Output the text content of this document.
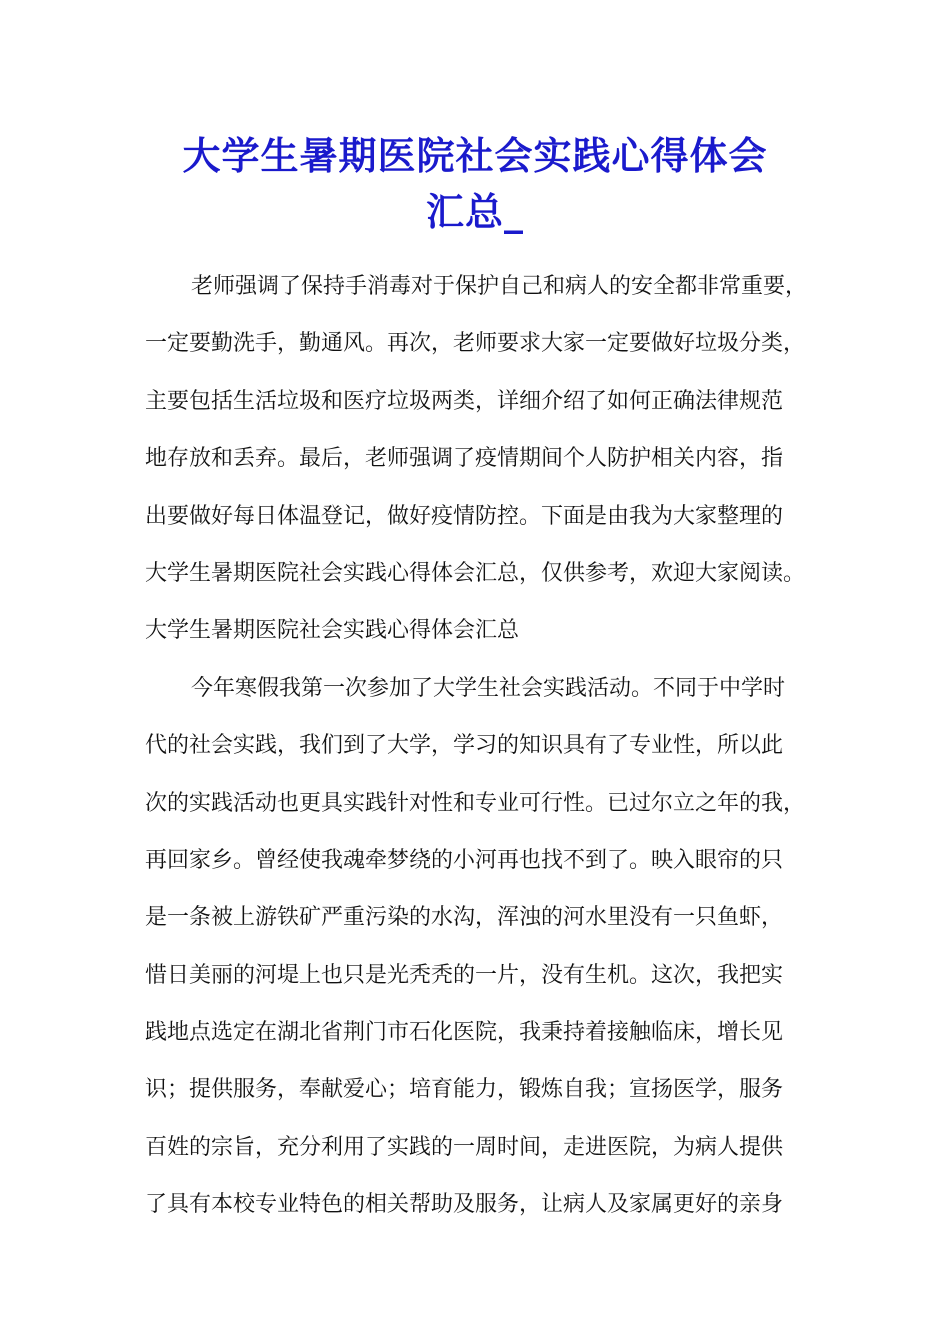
大学生暑期医院社会实践心得体会
汇总_
老师强调了保持手消毒对于保护自己和病人的安全都非常重要，
一定要勤洗手，勤通风。再次，老师要求大家一定要做好垃圾分类，
主要包括生活垃圾和医疗垃圾两类，详细介绍了如何正确法律规范
地存放和丢弃。最后，老师强调了疫情期间个人防护相关内容，指
出要做好每日体温登记，做好疫情防控。下面是由我为大家整理的
大学生暑期医院社会实践心得体会汇总，仅供参考，欢迎大家阅读。
大学生暑期医院社会实践心得体会汇总
今年寒假我第一次参加了大学生社会实践活动。不同于中学时
代的社会实践，我们到了大学，学习的知识具有了专业性，所以此
次的实践活动也更具实践针对性和专业可行性。已过尔立之年的我，
再回家乡。曾经使我魂牵梦绕的小河再也找不到了。映入眼帘的只
是一条被上游铁矿严重污染的水沟，浑浊的河水里没有一只鱼虾，
惜日美丽的河堤上也只是光秃秃的一片，没有生机。这次，我把实
践地点选定在湖北省荆门市石化医院，我秉持着接触临床，增长见
识；提供服务，奉献爱心；培育能力，锻炼自我；宣扬医学，服务
百姓的宗旨，充分利用了实践的一周时间，走进医院，为病人提供
了具有本校专业特色的相关帮助及服务，让病人及家属更好的亲身
